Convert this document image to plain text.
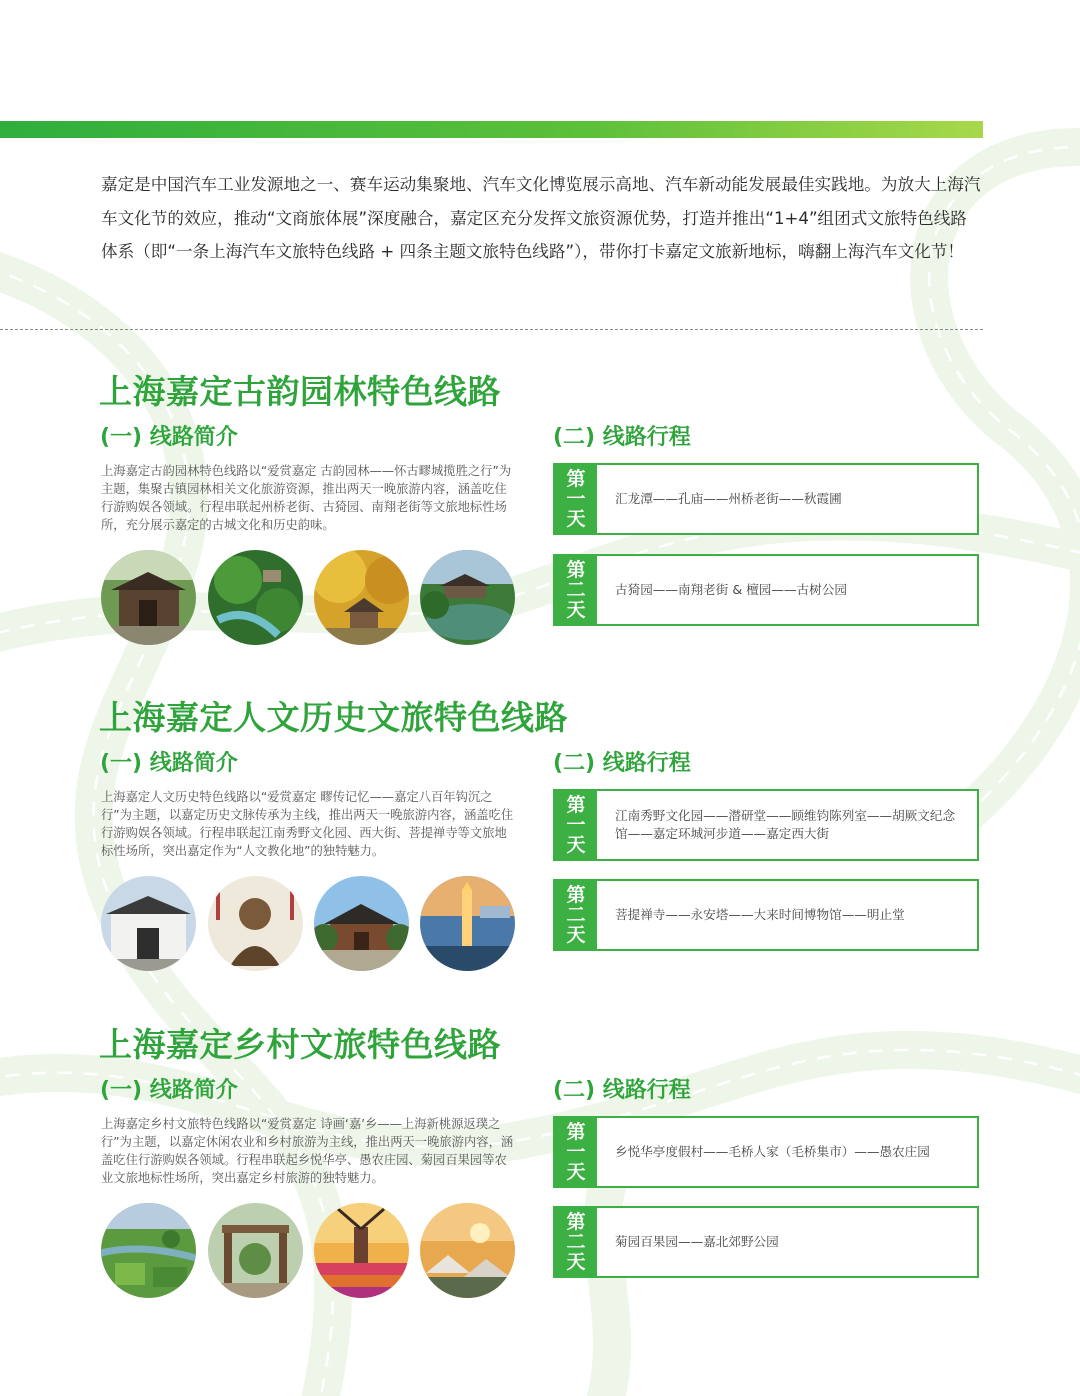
嘉定是中国汽车工业发源地之一、赛车运动集聚地、汽车文化博览展示高地、汽车新动能发展最佳实践地。为放大上海汽车文化节的效应，推动“文商旅体展”深度融合，嘉定区充分发挥文旅资源优势，打造并推出“1+4”组团式文旅特色线路体系（即“一条上海汽车文旅特色线路 + 四条主题文旅特色线路”），带你打卡嘉定文旅新地标，嗨翻上海汽车文化节！

上海嘉定古韵园林特色线路
(一) 线路简介	(二) 线路行程

上海嘉定古韵园林特色线路以“爱赏嘉定 古韵园林——怀古疁城揽胜之行”为主题，集聚古镇园林相关文化旅游资源，推出两天一晚旅游内容，涵盖吃住行游购娱各领域。行程串联起州桥老街、古猗园、南翔老街等文旅地标性场所，充分展示嘉定的古城文化和历史韵味。

第
一
天
汇龙潭——孔庙——州桥老街——秋霞圃
第
二
天
古猗园——南翔老街 & 檀园——古树公园
上海嘉定人文历史文旅特色线路
(一) 线路简介	(二) 线路行程

上海嘉定人文历史特色线路以“爱赏嘉定 疁传记忆——嘉定八百年钩沉之行”为主题，以嘉定历史文脉传承为主线，推出两天一晚旅游内容，涵盖吃住行游购娱各领域。行程串联起江南秀野文化园、西大街、菩提禅寺等文旅地标性场所，突出嘉定作为“人文教化地”的独特魅力。

第
一
天
江南秀野文化园——潜研堂——顾维钧陈列室——胡厥文纪念馆——嘉定环城河步道——嘉定西大街
第
二
天
菩提禅寺——永安塔——大来时间博物馆——明止堂
上海嘉定乡村文旅特色线路
(一) 线路简介	(二) 线路行程

上海嘉定乡村文旅特色线路以“爱赏嘉定 诗画‘嘉’乡——上海新桃源返璞之行”为主题，以嘉定休闲农业和乡村旅游为主线，推出两天一晚旅游内容，涵盖吃住行游购娱各领域。行程串联起乡悦华亭、愚农庄园、菊园百果园等农业文旅地标性场所，突出嘉定乡村旅游的独特魅力。

第
一
天
乡悦华亭度假村——毛桥人家（毛桥集市）——愚农庄园
第
二
天
菊园百果园——嘉北郊野公园
